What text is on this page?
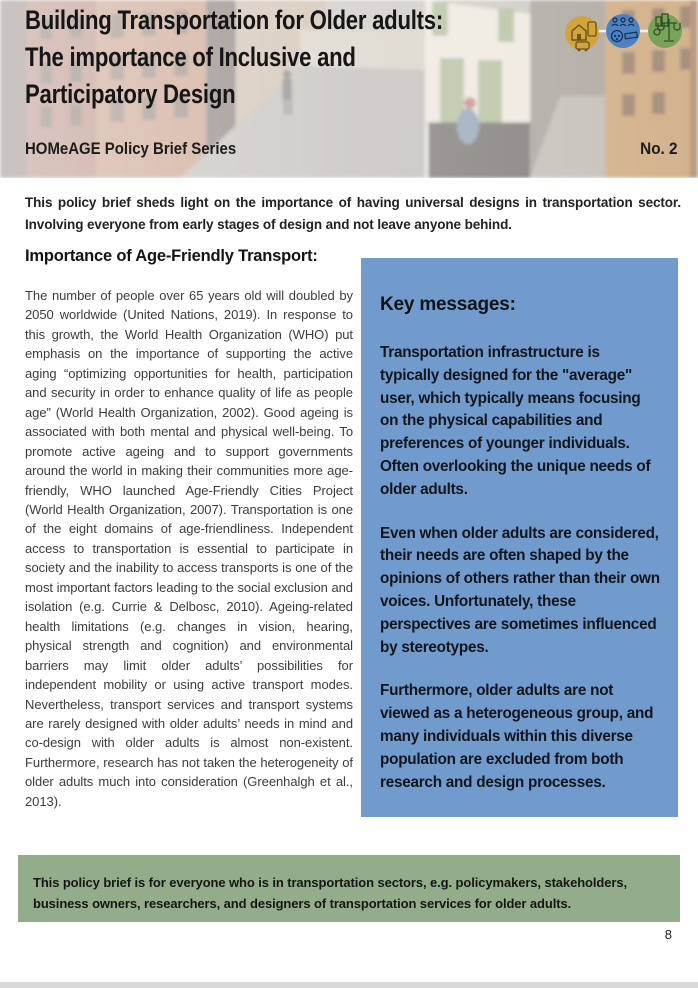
Building Transportation for Older adults:
The importance of Inclusive and
Participatory Design
HOMeAGE Policy Brief Series	No. 2

This policy brief sheds light on the importance of having universal designs in transportation sector. Involving everyone from early stages of design and not leave anyone behind.

Importance of Age-Friendly Transport:

The number of people over 65 years old will doubled by 2050 worldwide (United Nations, 2019). In response to this growth, the World Health Organization (WHO) put emphasis on the importance of supporting the active aging “optimizing opportunities for health, participation and security in order to enhance quality of life as people age” (World Health Organization, 2002). Good ageing is associated with both mental and physical well-being. To promote active ageing and to support governments around the world in making their communities more age-friendly, WHO launched Age-Friendly Cities Project (World Health Organization, 2007). Transportation is one of the eight domains of age-friendliness. Independent access to transportation is essential to participate in society and the inability to access transports is one of the most important factors leading to the social exclusion and isolation (e.g. Currie & Delbosc, 2010). Ageing-related health limitations (e.g. changes in vision, hearing, physical strength and cognition) and environmental barriers may limit older adults’ possibilities for independent mobility or using active transport modes. Nevertheless, transport services and transport systems are rarely designed with older adults’ needs in mind and co-design with older adults is almost non-existent. Furthermore, research has not taken the heterogeneity of older adults much into consideration (Greenhalgh et al., 2013).

Key messages:

Transportation infrastructure is typically designed for the "average" user, which typically means focusing on the physical capabilities and preferences of younger individuals. Often overlooking the unique needs of older adults.

Even when older adults are considered, their needs are often shaped by the opinions of others rather than their own voices. Unfortunately, these perspectives are sometimes influenced by stereotypes.

Furthermore, older adults are not viewed as a heterogeneous group, and many individuals within this diverse population are excluded from both research and design processes.

This policy brief is for everyone who is in transportation sectors, e.g. policymakers, stakeholders, business owners, researchers, and designers of transportation services for older adults.

8
